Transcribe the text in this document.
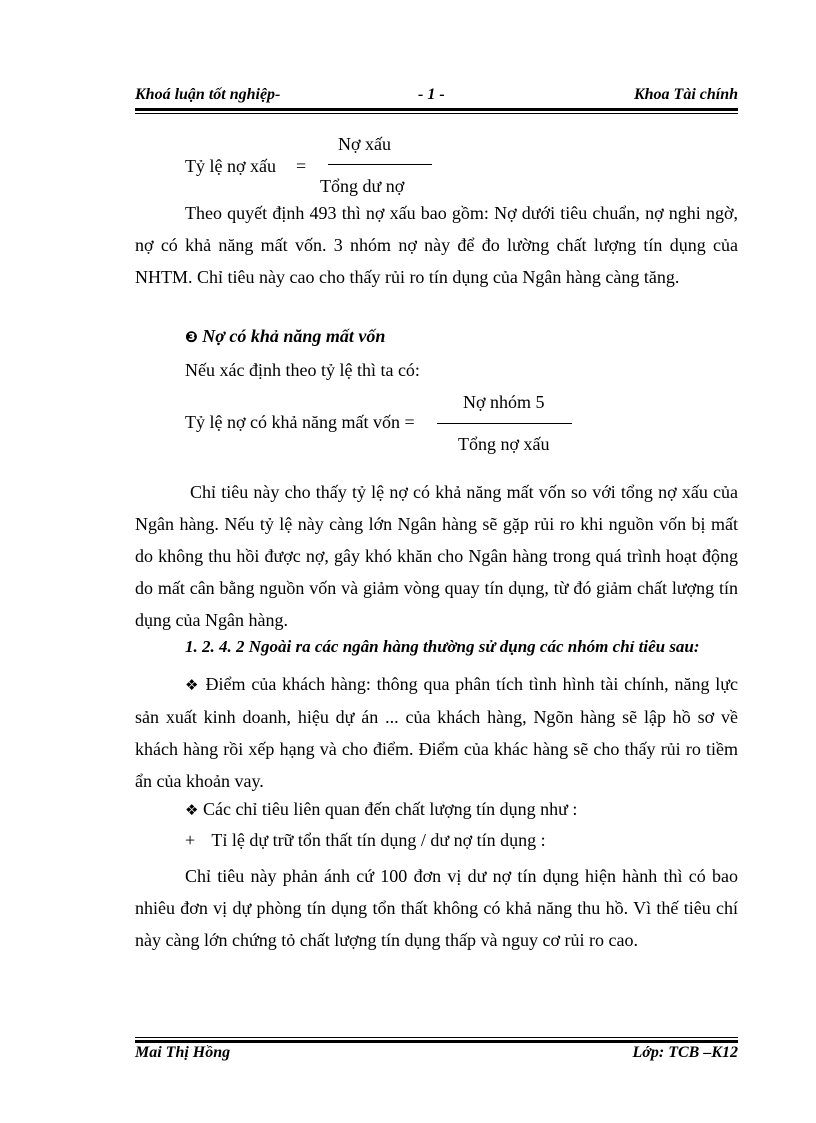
Khoá luận tốt nghiệp-	- 1 -	Khoa Tài chính
Tỷ lệ nợ xấu =
Nợ xấu
Tổng dư nợ
Theo quyết định 493 thì nợ xấu bao gồm: Nợ dưới tiêu chuẩn, nợ nghi ngờ, nợ có khả năng mất vốn. 3 nhóm nợ này để đo lường chất lượng tín dụng của NHTM. Chỉ tiêu này cao cho thấy rủi ro tín dụng của Ngân hàng càng tăng.
❸ Nợ có khả năng mất vốn
Nếu xác định theo tỷ lệ thì ta có:
Tỷ lệ nợ có khả năng mất vốn =
Nợ nhóm 5
Tổng nợ xấu
Chỉ tiêu này cho thấy tỷ lệ nợ có khả năng mất vốn so với tổng nợ xấu của Ngân hàng. Nếu tỷ lệ này càng lớn Ngân hàng sẽ gặp rủi ro khi nguồn vốn bị mất do không thu hồi được nợ, gây khó khăn cho Ngân hàng trong quá trình hoạt động do mất cân bằng nguồn vốn và giảm vòng quay tín dụng, từ đó giảm chất lượng tín dụng của Ngân hàng.
1. 2. 4. 2 Ngoài ra các ngân hàng thường sử dụng các nhóm chỉ tiêu sau:
❖ Điểm của khách hàng: thông qua phân tích tình hình tài chính, năng lực sản xuất kinh doanh, hiệu dự án ... của khách hàng, Ngõn hàng sẽ lập hồ sơ về khách hàng rồi xếp hạng và cho điểm. Điểm của khác hàng sẽ cho thấy rủi ro tiềm ẩn của khoản vay.
❖ Các chỉ tiêu liên quan đến chất lượng tín dụng như :
+ Tỉ lệ dự trữ tổn thất tín dụng / dư nợ tín dụng :
Chỉ tiêu này phản ánh cứ 100 đơn vị dư nợ tín dụng hiện hành thì có bao nhiêu đơn vị dự phòng tín dụng tổn thất không có khả năng thu hồ. Vì thế tiêu chí này càng lớn chứng tỏ chất lượng tín dụng thấp và nguy cơ rủi ro cao.
Mai Thị Hồng	Lớp: TCB –K12
